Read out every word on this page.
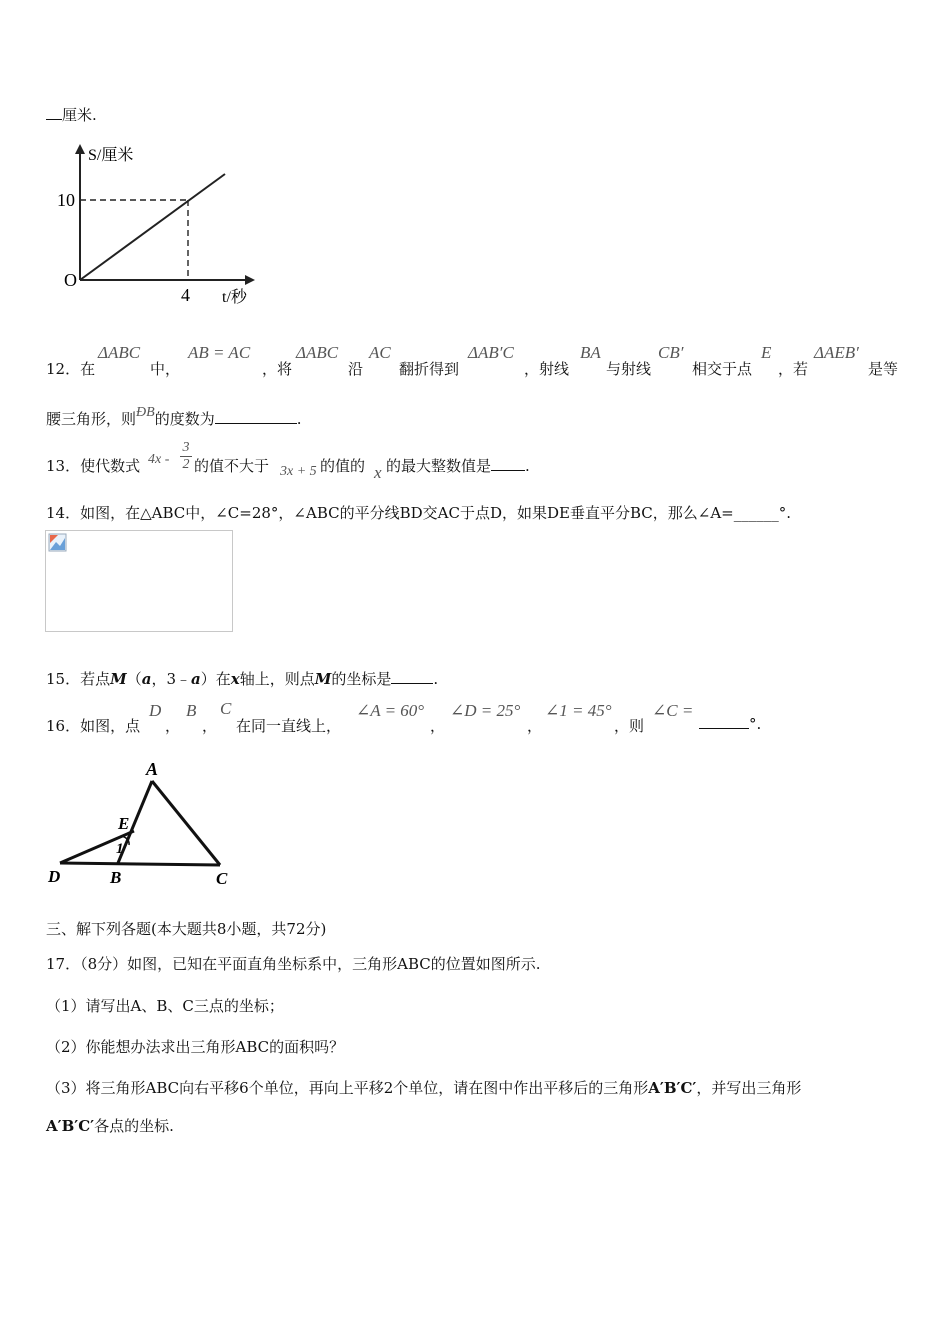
厘米.
S/厘米
10
O
4 t/秒
12．在
ΔABC
中，
AB = AC
，将
ΔABC
沿
AC
翻折得到
ΔAB′C
，射线
BA
与射线
CB′
相交于点
E
，若
ΔAEB′
是等
腰三角形，则ÐB的度数为	.
13．使代数式 $4x - \frac{3}{2}$ 的值不大于 3x + 5 的值的 x 的最大整数值是 .
14．如图，在△ABC中，∠C=28°，∠ABC的平分线BD交AC于点D，如果DE垂直平分BC，那么∠A=______°.
15．若点M（a，3﹣a）在x轴上，则点M的坐标是	.
16．如图，点
D
，
B
，
C
在同一直线上，
∠A = 60°
，
∠D = 25°
，
∠1 = 45°
，则
∠C =
°.
A
E
1
D	B	C
三、解下列各题(本大题共8小题，共72分)
17．（8分）如图，已知在平面直角坐标系中，三角形ABC的位置如图所示.
（1）请写出A、B、C三点的坐标；
（2）你能想办法求出三角形ABC的面积吗？
（3）将三角形ABC向右平移6个单位，再向上平移2个单位，请在图中作出平移后的三角形A′B′C′，并写出三角形
A′B′C′各点的坐标.
